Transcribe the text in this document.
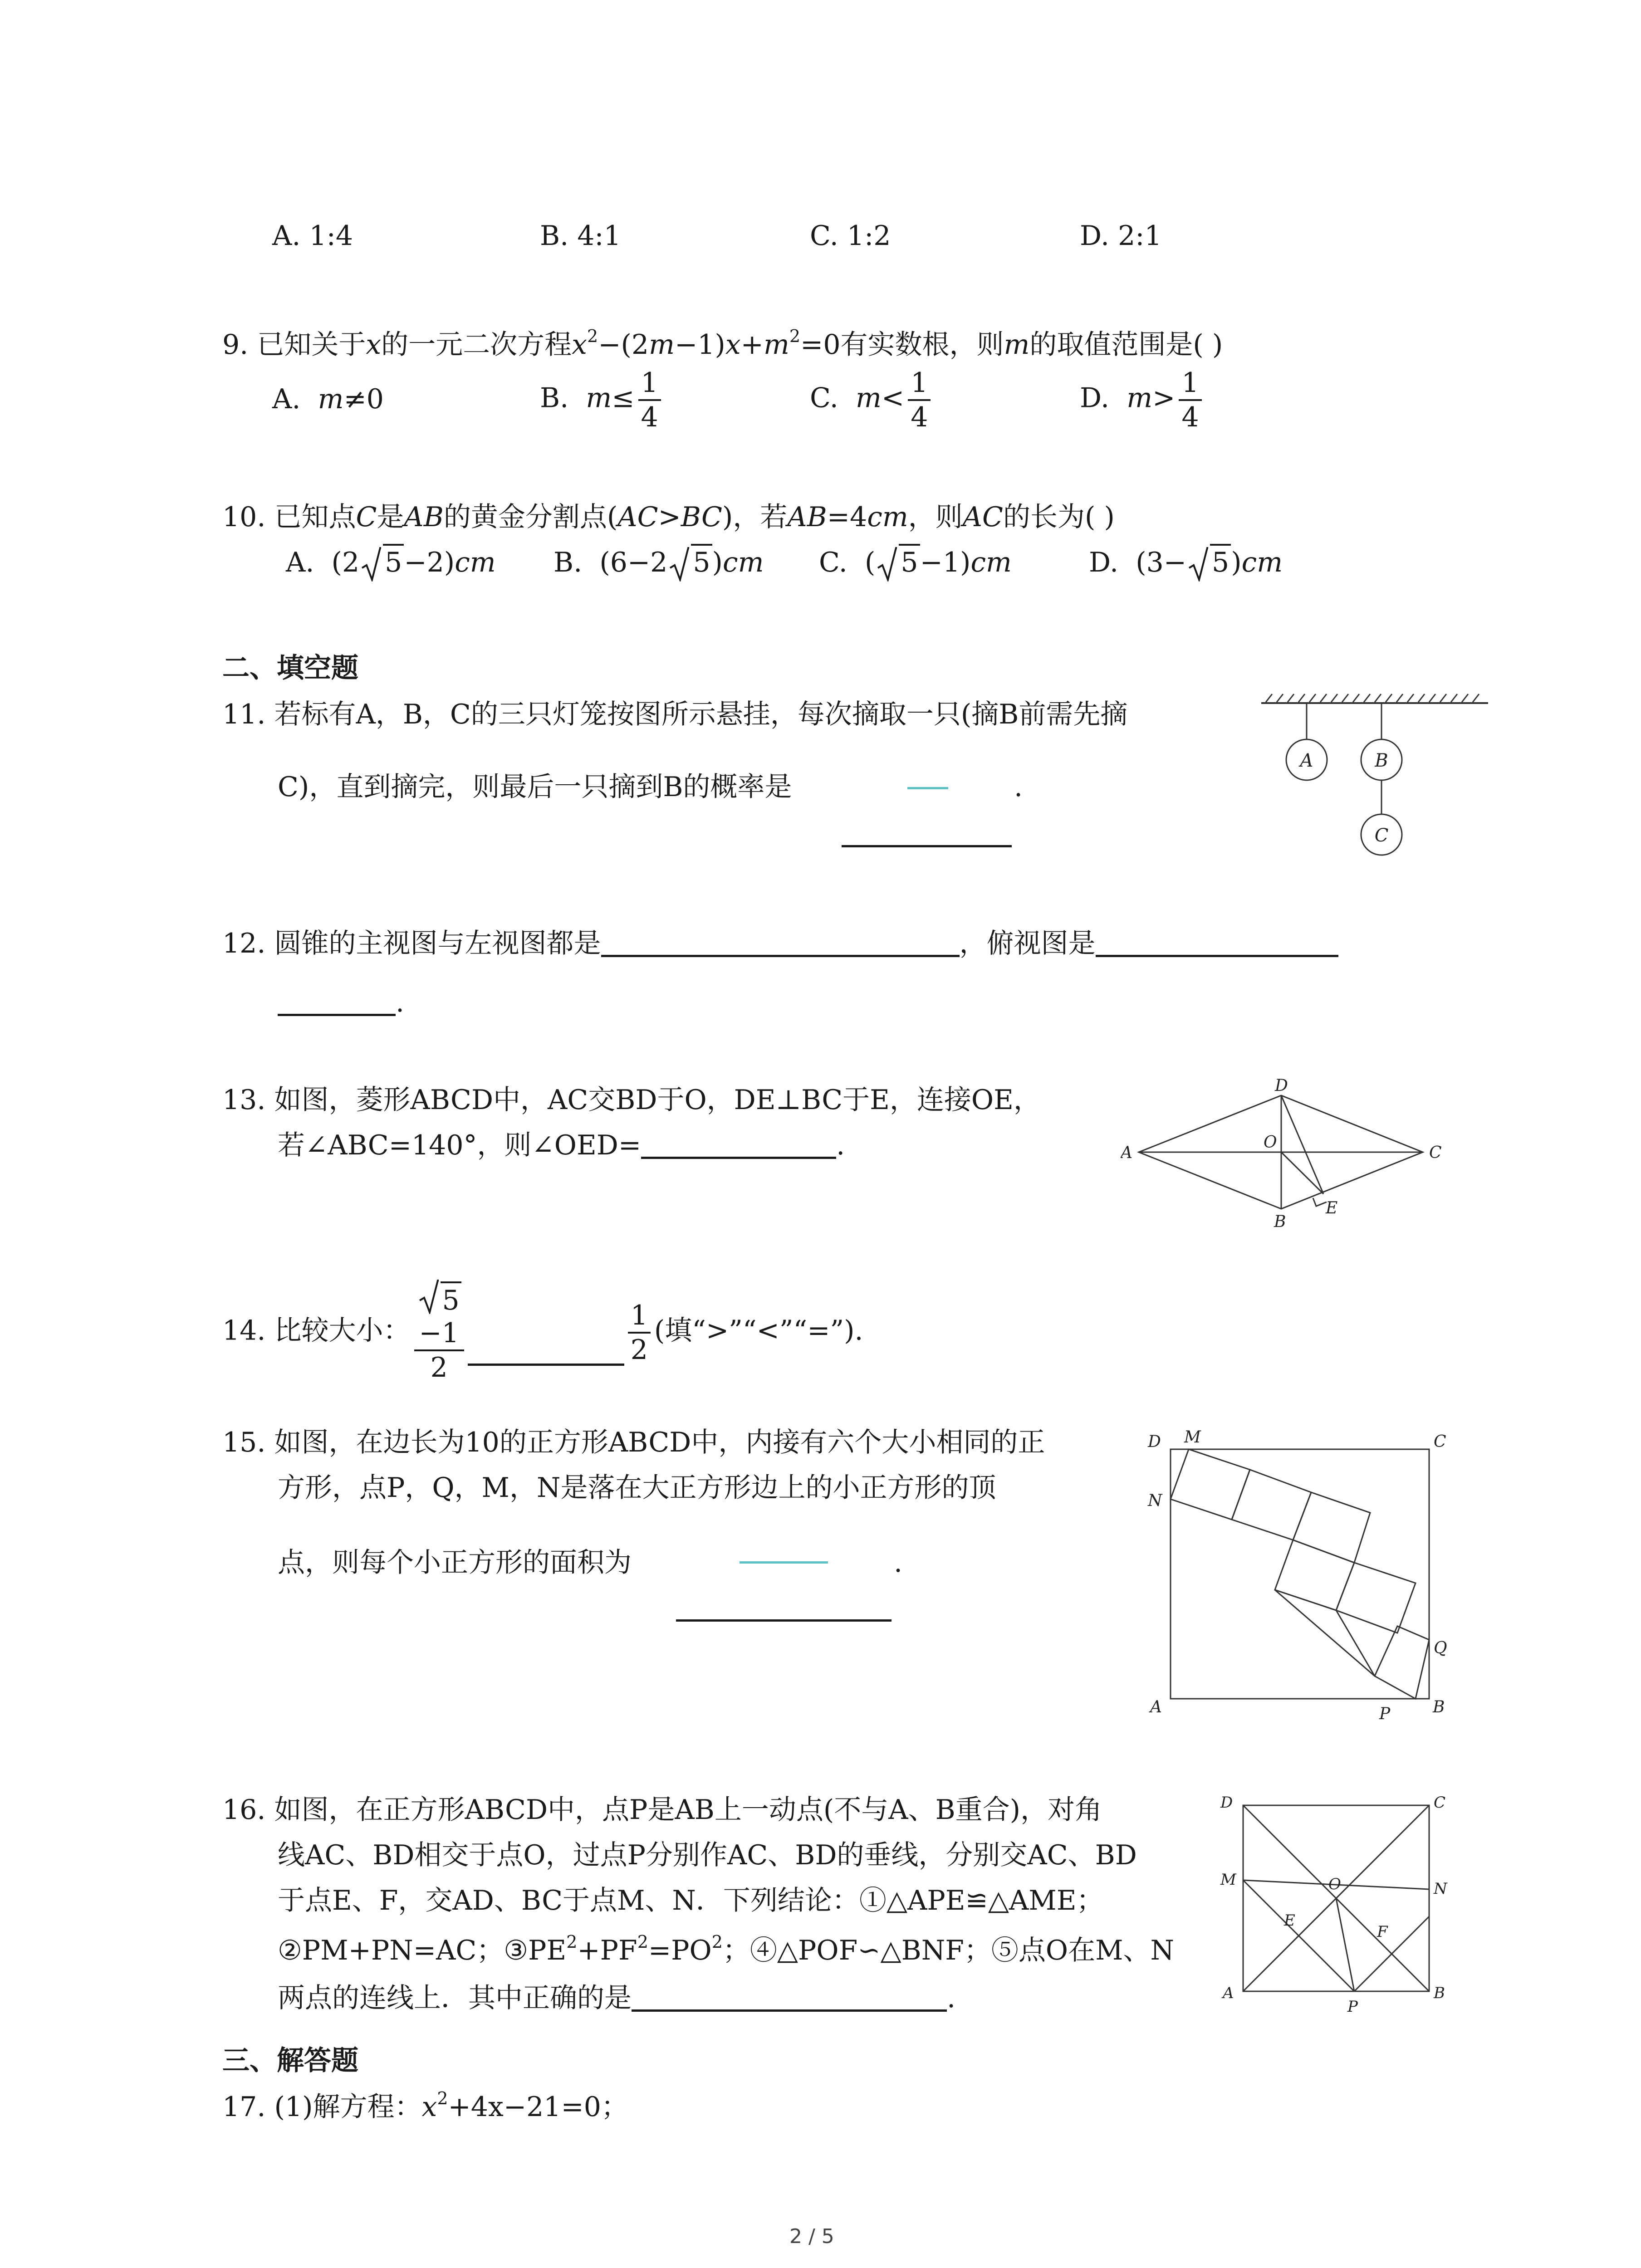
A. 1:4	B. 4:1	C. 1:2	D. 2:1
9. 已知关于x的一元二次方程$x^2-(2m-1)x+m^2=0$有实数根，则m的取值范围是( )
A. m≠0	B. $m\le \frac{1}{4}$	C. $m< \frac{1}{4}$	D. $m> \frac{1}{4}$
10. 已知点C是AB的黄金分割点(AC>BC)，若AB=4cm，则AC的长为( )
A.  (2 5−2)cm B.  (6−2 5)cm C.  ( 5−1)cm	D.  (3− 5)cm
二、填空题
11. 若标有A，B，C的三只灯笼按图所示悬挂，每次摘取一只(摘B前需先摘
C)，直到摘完，则最后一只摘到B的概率是	.
A	B
C
12. 圆锥的主视图与左视图都是	，俯视图是
.
13. 如图，菱形ABCD中，AC交BD于O，DE⊥BC于E，连接OE，
若∠ABC=140°，则∠OED=	.
D
A	C
O
B
E
14. 比较大小： 5
−1
2	$\frac{1}{2}$ (填“>”“<”“=”).
15. 如图，在边长为10的正方形ABCD中，内接有六个大小相同的正
方形，点P，Q，M，N是落在大正方形边上的小正方形的顶
点，则每个小正方形的面积为	.
D M	C
N
Q
A	P	B
16. 如图，在正方形ABCD中，点P是AB上一动点(不与A、B重合)，对角
线AC、BD相交于点O，过点P分别作AC、BD的垂线，分别交AC、BD
于点E、F，交AD、BC于点M、N．下列结论：①△APE≌△AME；
②PM+PN=AC；$③PE^2+PF^2=PO^2$；④△POF∽△BNF；⑤点O在M、N
两点的连线上．其中正确的是	.
D	C
M	O	N
E
F
A
P
B
三、解答题
17. (1)解方程：$x^2+4x-21=0$；
2 / 5
